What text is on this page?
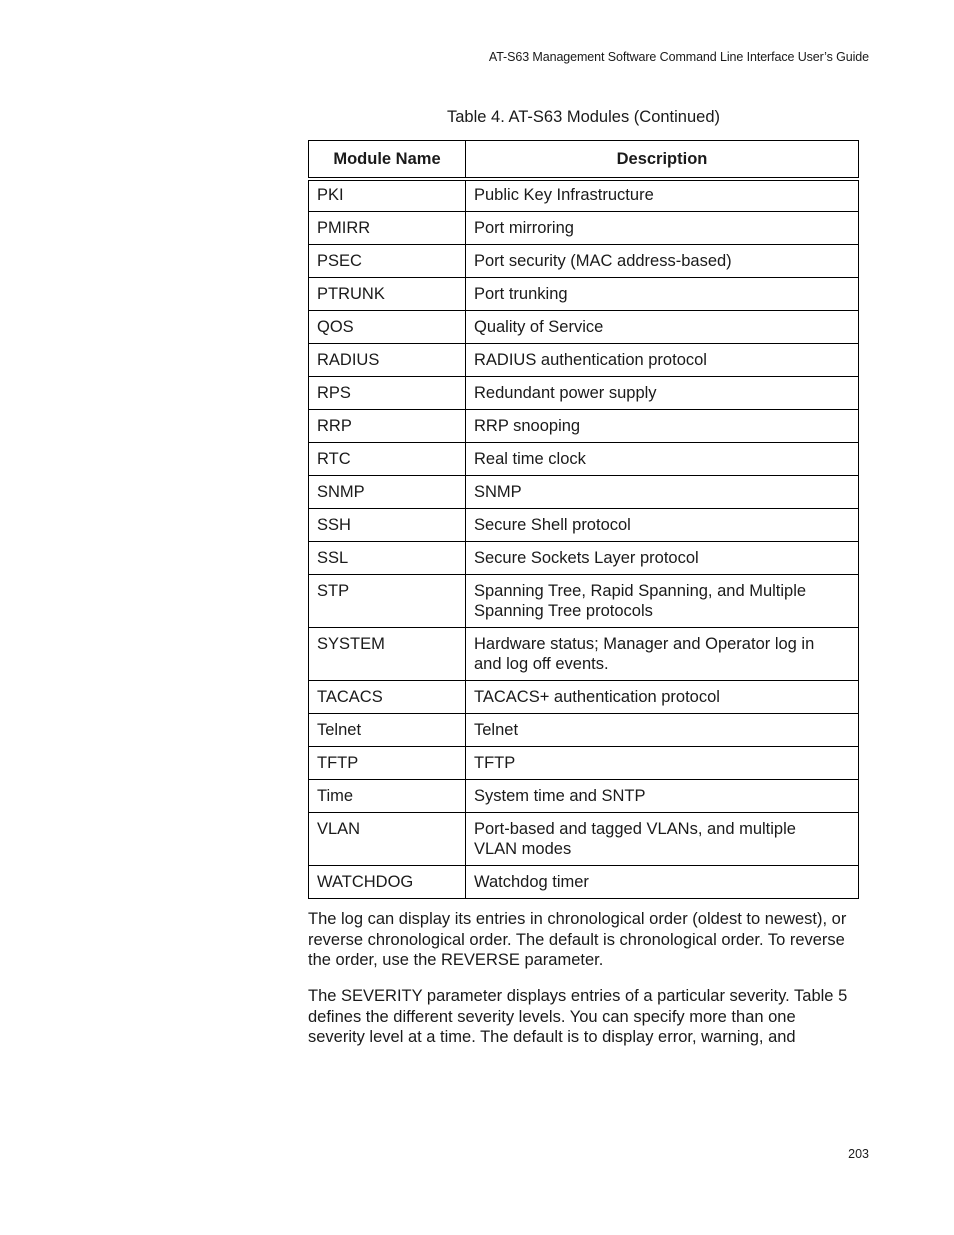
AT-S63 Management Software Command Line Interface User’s Guide
Table 4. AT-S63 Modules (Continued)
Module Name	Description
PKI	Public Key Infrastructure
PMIRR	Port mirroring
PSEC	Port security (MAC address-based)
PTRUNK	Port trunking
QOS	Quality of Service
RADIUS	RADIUS authentication protocol
RPS	Redundant power supply
RRP	RRP snooping
RTC	Real time clock
SNMP	SNMP
SSH	Secure Shell protocol
SSL	Secure Sockets Layer protocol
STP	Spanning Tree, Rapid Spanning, and Multiple
Spanning Tree protocols
SYSTEM	Hardware status; Manager and Operator log in
and log off events.
TACACS	TACACS+ authentication protocol
Telnet	Telnet
TFTP	TFTP
Time	System time and SNTP
VLAN	Port-based and tagged VLANs, and multiple
VLAN modes
WATCHDOG	Watchdog timer

The log can display its entries in chronological order (oldest to newest), or
reverse chronological order. The default is chronological order. To reverse
the order, use the REVERSE parameter.

The SEVERITY parameter displays entries of a particular severity. Table 5
defines the different severity levels. You can specify more than one
severity level at a time. The default is to display error, warning, and

203
